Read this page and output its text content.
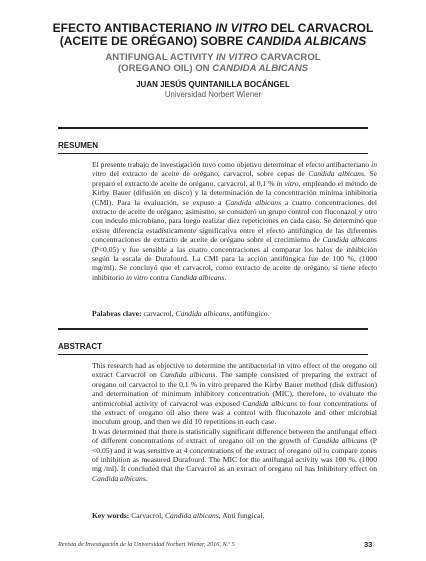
EFECTO ANTIBACTERIANO IN VITRO DEL CARVACROL
(ACEITE DE ORÉGANO) SOBRE CANDIDA ALBICANS
ANTIFUNGAL ACTIVITY IN VITRO CARVACROL
(OREGANO OIL) ON CANDIDA ALBICANS
JUAN JESÚS QUINTANILLA BOCÁNGEL
Universidad Norbert Wiener
RESUMEN

El presente trabajo de investigación tuvo como objetivo determinar el efecto antibacteriano in vitro del extracto de aceite de orégano, carvacrol, sobre cepas de Candida albicans. Se preparó el extracto de aceite de orégano, carvacrol, al 0,1 % in vitro, empleando el método de Kirby Bauer (difusión en disco) y la determinación de la concentración mínima inhibitoria (CMI). Para la evaluación, se expuso a Candida albicans a cuatro concentraciones del extracto de aceite de orégano; asimismo, se consideró un grupo control con fluconazol y otro con inóculo microbiano, para luego realizar diez repeticiones en cada caso. Se determinó que existe diferencia estadísticamente significativa entre el efecto antifúngico de las diferentes concentraciones de extracto de aceite de orégano sobre el crecimiento de Candida albicans (P<0.05) y fue sensible a las cuatro concentraciones al comparar los halos de inhibición según la escala de Durafourd. La CMI para la acción antifúngica fue de 100 %, (1000 mg/ml). Se concluyó que el carvacrol, como extracto de aceite de orégano, sí tiene efecto inhibitorio in vitro contra Candida albicans.

Palabras clave: carvacrol, Candida albicans, antifúngico.
ABSTRACT

This research had as objective to determine the antibacterial in vitro effect of the oregano oil extract Carvacrol on Candida albicans. The sample consisted of preparing the extract of oregano oil carvacrol to the 0,1 % in vitro prepared the Kirby Bauer method (disk diffusion) and determination of minimum inhibitory concentration (MIC), therefore, to evaluate the antimicrobial activity of carvacrol was exposed Candida albicans to four concentrations of the extract of oregano oil also there was a control with fluconazole and other microbial inoculum group, and then we did 10 repetitions in each case.

It was determined that there is statistically significant difference between the antifungal effect of different concentrations of extract of oregano oil on the growth of Candida albicans (P <0,05) and it was sensitive at 4 concentrations of the extract of oregano oil to compare zones of inhibition as measured Durafourd. The MIC for the antifungal activity was 100 %, (1000 mg /ml). It concluded that the Carvacrol as an extract of oregano oil has Inhibitory effect on Candida albicans.

Key words: Carvacrol, Candida albicans, Anti fungical.
Revista de Investigación de la Universidad Norbert Wiener, 2016, N.º 5	33
